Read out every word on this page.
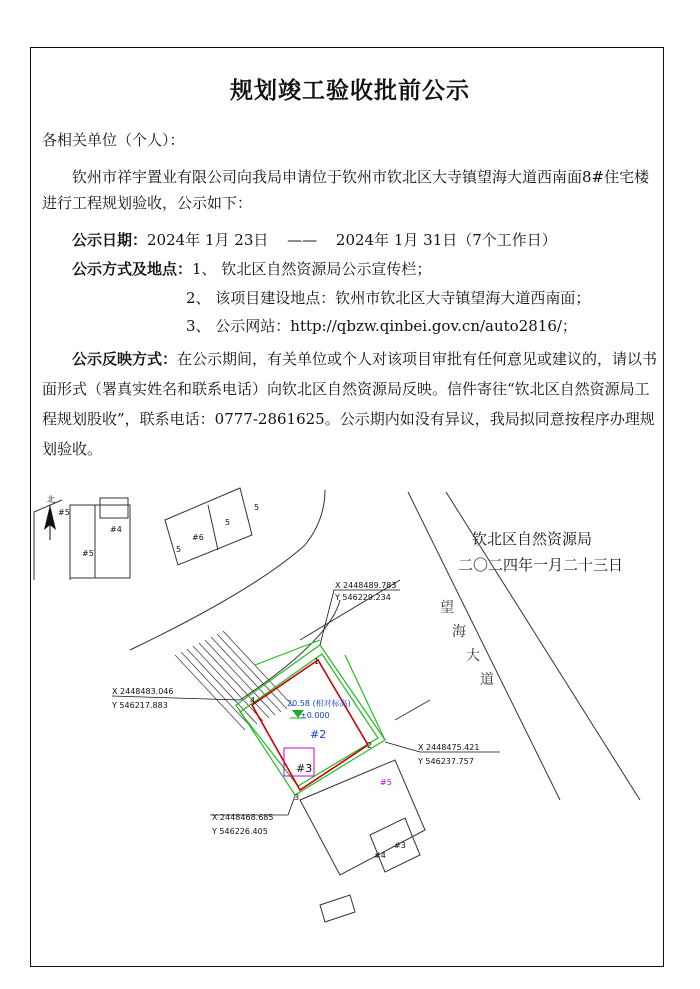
规划竣工验收批前公示
各相关单位（个人）：
钦州市祥宇置业有限公司向我局申请位于钦州市钦北区大寺镇望海大道西南面8#住宅楼进行工程规划验收，公示如下：
公示日期：2024年 1月 23日 —— 2024年 1月 31日（7个工作日）
公示方式及地点：1、 钦北区自然资源局公示宣传栏；
2、 该项目建设地点：钦州市钦北区大寺镇望海大道西南面；
3、 公示网站：http://qbzw.qinbei.gov.cn/auto2816/；
公示反映方式：在公示期间，有关单位或个人对该项目审批有任何意见或建议的，请以书面形式（署真实姓名和联系电话）向钦北区自然资源局反映。信件寄往“钦北区自然资源局工程规划股收”，联系电话：0777-2861625。公示期内如没有异议，我局拟同意按程序办理规划验收。
钦北区自然资源局
二〇二四年一月二十三日
北
望
海
大
道
20.58 (相对标高)
±0.000
#5
#4
#5
#6
5
5
5
#2
#3
#5
#3
#4
1
2
3
4
X 2448489.783
Y 546229.234
X 2448483.046
Y 546217.883
X 2448475.421
Y 546237.757
X 2448468.685
Y 546226.405
